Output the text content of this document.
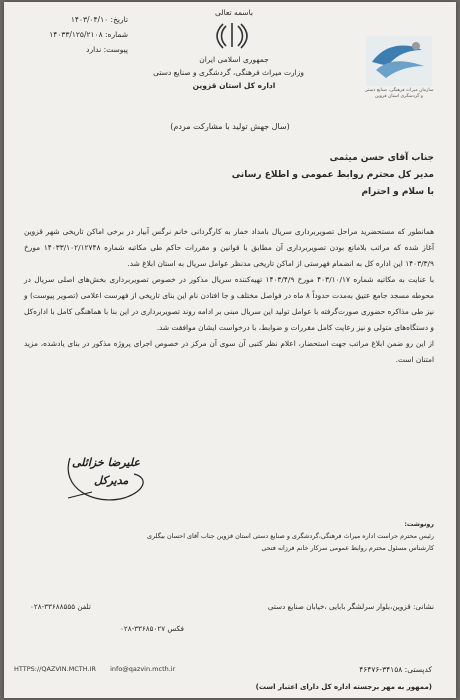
تاریخ: ۱۴۰۳/۰۴/۱۰
شماره: ۱۴۰۳۳/۱۲۵/۲۱۰۸
پیوست: ندارد
باسمه تعالی
جمهوری اسلامی ایران
وزارت میراث فرهنگی، گردشگری و صنایع دستی
اداره کل استان قزوین
سازمان میراث فرهنگی، صنایع دستی و گردشگری استان قزوین
(سال جهش تولید با مشارکت مردم)
جناب آقای حسن میثمی
مدیر کل محترم روابط عمومی و اطلاع رسانی
با سلام و احترام

همانطور که مستحضرید مراحل تصویربرداری سریال بامداد خمار به کارگردانی خانم نرگس آبیار در برخی اماکن تاریخی شهر قزوین آغاز شده که مراتب بلامانع بودن تصویربرداری آن مطابق با قوانین و مقررات حاکم طی مکاتبه شماره ۱۴۰۳۳/۱۰۲/۱۲۷۴۸ مورخ ۱۴۰۳/۳/۹ این اداره کل به انضمام فهرستی از اماکن تاریخی مدنظر عوامل سریال به استان ابلاغ شد.

با عنایت به مکاتبه شماره ۴۰۳/۱۰/۱۷ مورخ ۱۴۰۳/۴/۹ تهیه‌کننده سریال مذکور در خصوص تصویربرداری بخش‌های اصلی سریال در محوطه مسجد جامع عتیق به‌مدت حدوداً ۸ ماه در فواصل مختلف و جا افتادن نام این بنای تاریخی از فهرست اعلامی (تصویر پیوست) و نیز طی مذاکره حضوری صورت‌گرفته با عوامل تولید این سریال مبنی بر ادامه روند تصویربرداری در این بنا با هماهنگی کامل با اداره‌کل و دستگاه‌های متولی و نیز رعایت کامل مقررات و ضوابط، با درخواست ایشان موافقت شد.

از این رو ضمن ابلاغ مراتب جهت استحضار، اعلام نظر کتبی آن سوی آن مرکز در خصوص اجرای پروژه مذکور در بنای یادشده، مزید امتنان است.

علیرضا خزائلی
مدیرکل
رونوشت:
رئیس محترم حراست اداره میراث فرهنگی،گردشگری و صنایع دستی استان قزوین جناب آقای احسان بیگلری
کارشناس مسئول محترم روابط عمومی سرکار خانم فرزانه فتحی
نشانی: قزوین،بلوار سرلشگر بابایی ،خیابان صنایع دستی
۰۲۸-۳۳۶۸۸۵۵۵ تلفن
۰۲۸-۳۳۶۸۵۰۲۷ فکس
HTTPS://QAZVIN.MCTH.IR info@qazvin.mcth.ir	کدپستی: ۳۴۱۵۸-۴۶۴۷۶
(ممهور به مهر برجسته اداره کل دارای اعتبار است)
